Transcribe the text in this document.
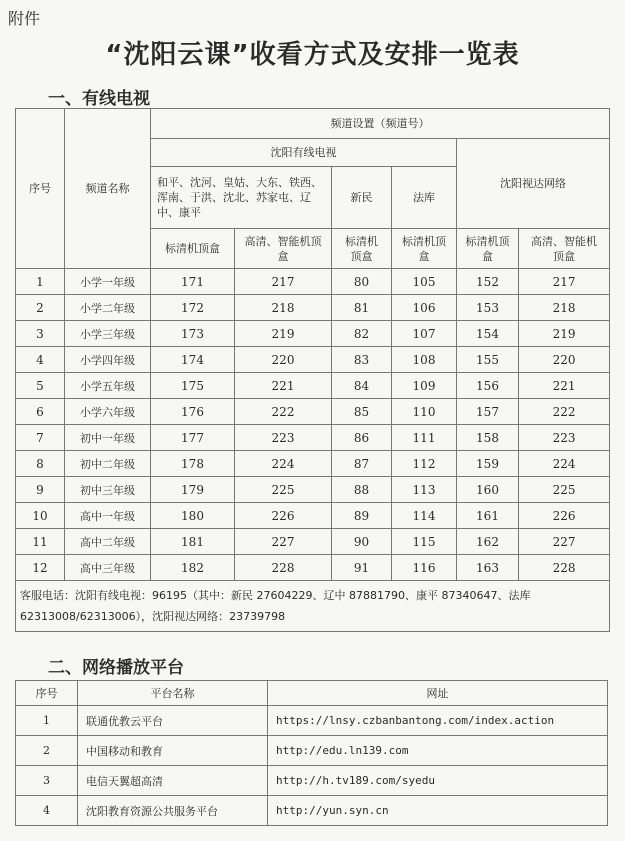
附件
“沈阳云课”收看方式及安排一览表
一、有线电视
序号	频道名称	频道设置（频道号）					
		沈阳有线电视				沈阳视达网络	
		和平、沈河、皇姑、大东、铁西、浑南、于洪、沈北、苏家屯、辽中、康平		新民	法库		
		标清机顶盒	高清、智能机顶盒	标清机顶盒	标清机顶盒	标清机顶盒	高清、智能机顶盒
1	小学一年级	171	217	80	105	152	217
2	小学二年级	172	218	81	106	153	218
3	小学三年级	173	219	82	107	154	219
4	小学四年级	174	220	83	108	155	220
5	小学五年级	175	221	84	109	156	221
6	小学六年级	176	222	85	110	157	222
7	初中一年级	177	223	86	111	158	223
8	初中二年级	178	224	87	112	159	224
9	初中三年级	179	225	88	113	160	225
10	高中一年级	180	226	89	114	161	226
11	高中二年级	181	227	90	115	162	227
12	高中三年级	182	228	91	116	163	228
客服电话：沈阳有线电视：96195（其中：新民 27604229、辽中 87881790、康平 87340647、法库 62313008/62313006），沈阳视达网络：23739798							
二、网络播放平台
序号	平台名称	网址
1	联通优教云平台	https://lnsy.czbanbantong.com/index.action
2	中国移动和教育	http://edu.ln139.com
3	电信天翼超高清	http://h.tv189.com/syedu
4	沈阳教育资源公共服务平台	http://yun.syn.cn
